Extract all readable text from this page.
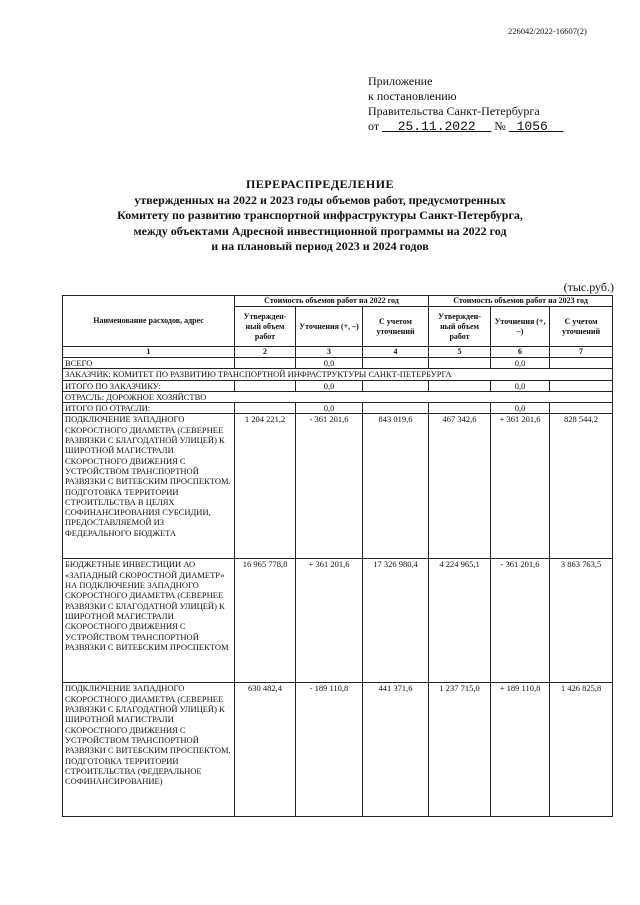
226042/2022-16607(2)
Приложение
к постановлению
Правительства Санкт-Петербурга
от 25.11.2022 № 1056
ПЕРЕРАСПРЕДЕЛЕНИЕ
утвержденных на 2022 и 2023 годы объемов работ, предусмотренных
Комитету по развитию транспортной инфраструктуры Санкт-Петербурга,
между объектами Адресной инвестиционной программы на 2022 год
и на плановый период 2023 и 2024 годов
(тыс.руб.)
Наименование расходов, адрес	Стоимость объемов работ на 2022 год			Стоимость объемов работ на 2023 год		
	Утвержден-ный объем работ	Уточнения (+, –)	С учетом уточнений	Утвержден-ный объем работ	Уточнения (+, –)	С учетом уточнений
1	2	3	4	5	6	7
ВСЕГО		0,0			0,0	
ЗАКАЗЧИК: КОМИТЕТ ПО РАЗВИТИЮ ТРАНСПОРТНОЙ ИНФРАСТРУКТУРЫ САНКТ-ПЕТЕРБУРГА						
ИТОГО ПО ЗАКАЗЧИКУ:		0,0			0,0	
ОТРАСЛЬ: ДОРОЖНОЕ ХОЗЯЙСТВО						
ИТОГО ПО ОТРАСЛИ:		0,0			0,0	
ПОДКЛЮЧЕНИЕ ЗАПАДНОГО СКОРОСТНОГО ДИАМЕТРА (СЕВЕРНЕЕ РАЗВЯЗКИ С БЛАГОДАТНОЙ УЛИЦЕЙ) К ШИРОТНОЙ МАГИСТРАЛИ СКОРОСТНОГО ДВИЖЕНИЯ С УСТРОЙСТВОМ ТРАНСПОРТНОЙ РАЗВЯЗКИ С ВИТЕБСКИМ ПРОСПЕКТОМ. ПОДГОТОВКА ТЕРРИТОРИИ СТРОИТЕЛЬСТВА В ЦЕЛЯХ СОФИНАНСИРОВАНИЯ СУБСИДИИ, ПРЕДОСТАВЛЯЕМОЙ ИЗ ФЕДЕРАЛЬНОГО БЮДЖЕТА	1 204 221,2	- 361 201,6	843 019,6	467 342,6	+ 361 201,6	828 544,2
БЮДЖЕТНЫЕ ИНВЕСТИЦИИ АО «ЗАПАДНЫЙ СКОРОСТНОЙ ДИАМЕТР» НА ПОДКЛЮЧЕНИЕ ЗАПАДНОГО СКОРОСТНОГО ДИАМЕТРА (СЕВЕРНЕЕ РАЗВЯЗКИ С БЛАГОДАТНОЙ УЛИЦЕЙ) К ШИРОТНОЙ МАГИСТРАЛИ СКОРОСТНОГО ДВИЖЕНИЯ С УСТРОЙСТВОМ ТРАНСПОРТНОЙ РАЗВЯЗКИ С ВИТЕБСКИМ ПРОСПЕКТОМ	16 965 778,8	+ 361 201,6	17 326 980,4	4 224 965,1	- 361 201,6	3 863 763,5
ПОДКЛЮЧЕНИЕ ЗАПАДНОГО СКОРОСТНОГО ДИАМЕТРА (СЕВЕРНЕЕ РАЗВЯЗКИ С БЛАГОДАТНОЙ УЛИЦЕЙ) К ШИРОТНОЙ МАГИСТРАЛИ СКОРОСТНОГО ДВИЖЕНИЯ С УСТРОЙСТВОМ ТРАНСПОРТНОЙ РАЗВЯЗКИ С ВИТЕБСКИМ ПРОСПЕКТОМ. ПОДГОТОВКА ТЕРРИТОРИИ СТРОИТЕЛЬСТВА (ФЕДЕРАЛЬНОЕ СОФИНАНСИРОВАНИЕ)	630 482,4	- 189 110,8	441 371,6	1 237 715,0	+ 189 110,8	1 426 825,8
